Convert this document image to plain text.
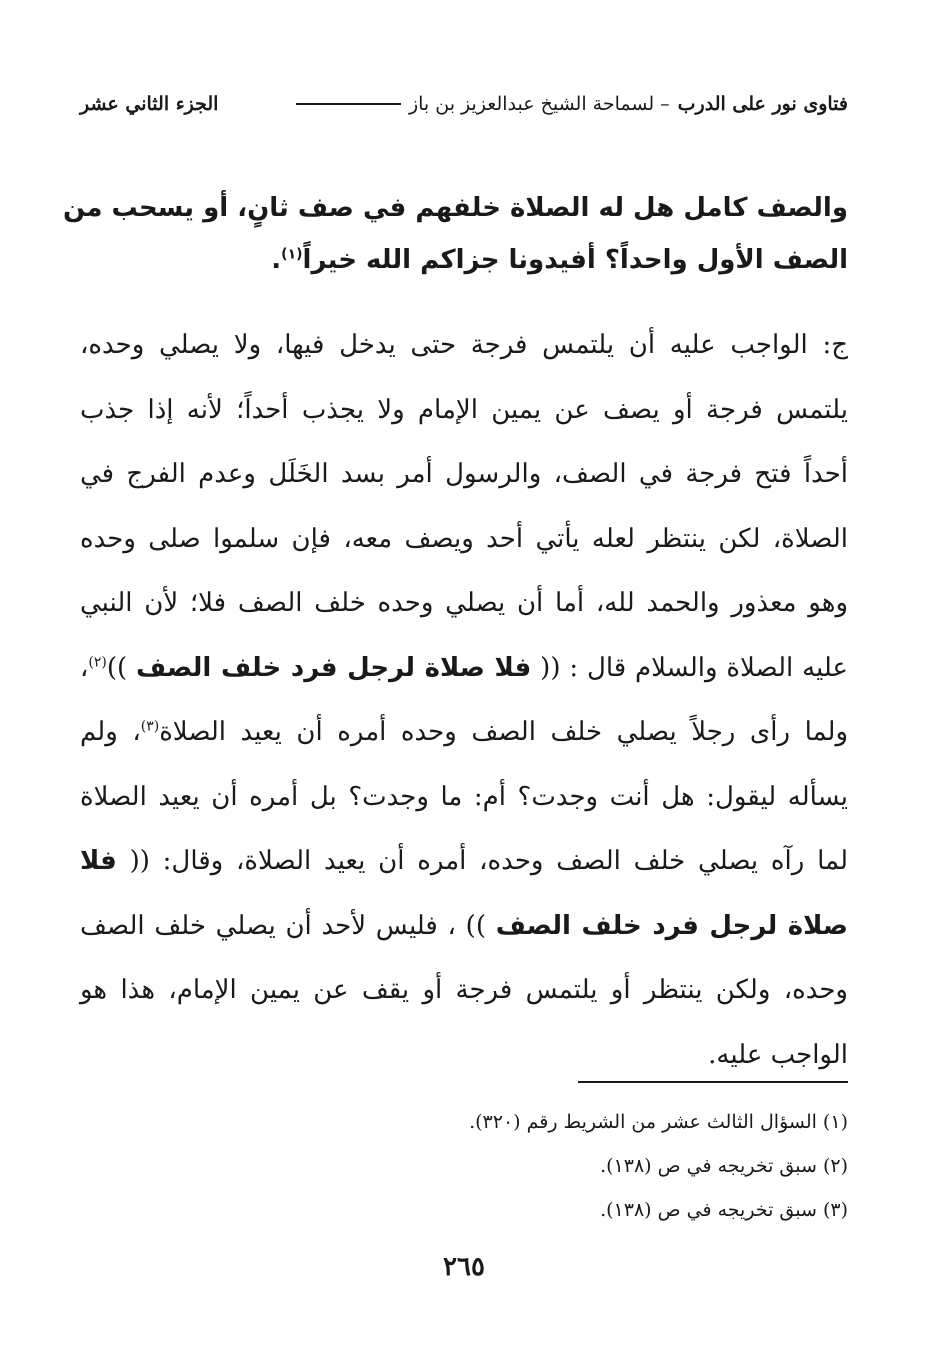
فتاوى نور على الدرب
– لسماحة الشيخ عبدالعزيز بن باز
الجزء الثاني عشر
والصف كامل هل له الصلاة خلفهم في صف ثانٍ، أو يسحب من
الصف الأول واحداً؟ أفيدونا جزاكم الله خيراً$^{(١)}$.
ج: الواجب عليه أن يلتمس فرجة حتى يدخل فيها، ولا يصلي وحده،
يلتمس فرجة أو يصف عن يمين الإمام ولا يجذب أحداً؛ لأنه إذا جذب
أحداً فتح فرجة في الصف، والرسول أمر بسد الخَلَل وعدم الفرج في
الصلاة، لكن ينتظر لعله يأتي أحد ويصف معه، فإن سلموا صلى وحده
وهو معذور والحمد لله، أما أن يصلي وحده خلف الصف فلا؛ لأن النبي
عليه الصلاة والسلام قال : (( فلا صلاة لرجل فرد خلف الصف ))$^{(٢)}$،
ولما رأى رجلاً يصلي خلف الصف وحده أمره أن يعيد الصلاة$^{(٣)}$، ولم
يسأله ليقول: هل أنت وجدت؟ أم: ما وجدت؟ بل أمره أن يعيد الصلاة
لما رآه يصلي خلف الصف وحده، أمره أن يعيد الصلاة، وقال: (( فلا
صلاة لرجل فرد خلف الصف )) ، فليس لأحد أن يصلي خلف الصف
وحده، ولكن ينتظر أو يلتمس فرجة أو يقف عن يمين الإمام، هذا هو
الواجب عليه.
(١) السؤال الثالث عشر من الشريط رقم (٣٢٠).
(٢) سبق تخريجه في ص (١٣٨).
(٣) سبق تخريجه في ص (١٣٨).
٢٦٥
